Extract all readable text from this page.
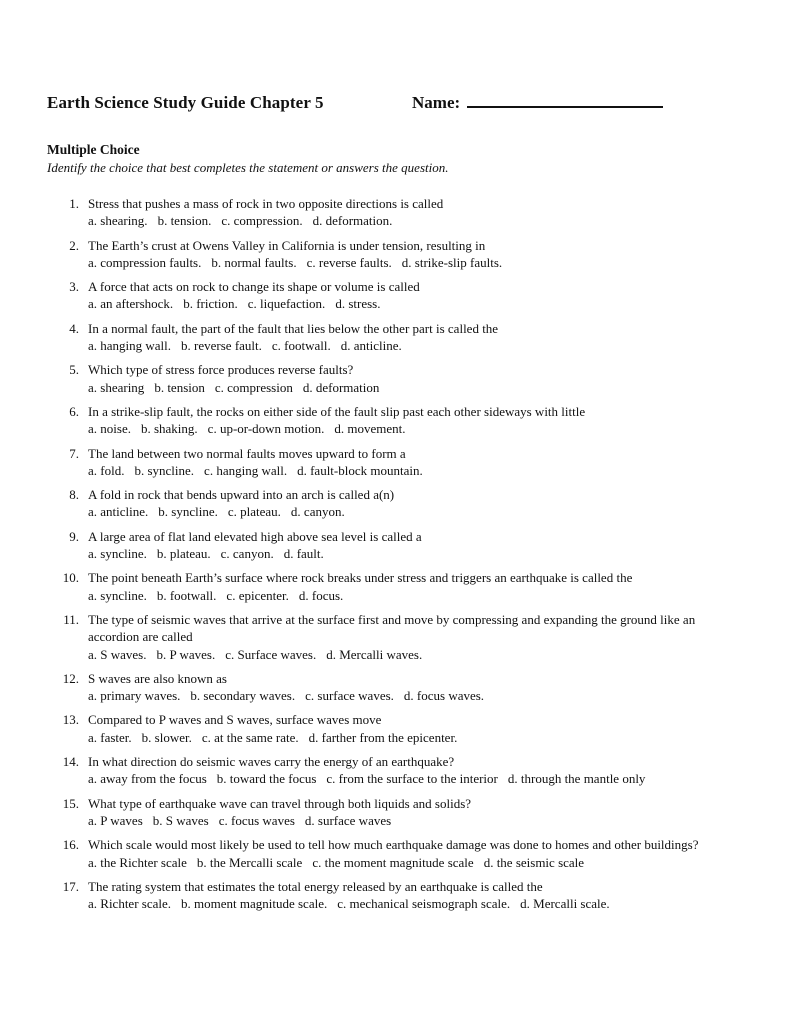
Earth Science Study Guide Chapter 5	Name:
Multiple Choice
Identify the choice that best completes the statement or answers the question.
1. Stress that pushes a mass of rock in two opposite directions is called
a. shearing. b. tension. c. compression. d. deformation.
2. The Earth’s crust at Owens Valley in California is under tension, resulting in
a. compression faults. b. normal faults. c. reverse faults. d. strike-slip faults.
3. A force that acts on rock to change its shape or volume is called
a. an aftershock. b. friction. c. liquefaction. d. stress.
4. In a normal fault, the part of the fault that lies below the other part is called the
a. hanging wall. b. reverse fault. c. footwall. d. anticline.
5. Which type of stress force produces reverse faults?
a. shearing b. tension c. compression d. deformation
6. In a strike-slip fault, the rocks on either side of the fault slip past each other sideways with little
a. noise. b. shaking. c. up-or-down motion. d. movement.
7. The land between two normal faults moves upward to form a
a. fold. b. syncline. c. hanging wall. d. fault-block mountain.
8. A fold in rock that bends upward into an arch is called a(n)
a. anticline. b. syncline. c. plateau. d. canyon.
9. A large area of flat land elevated high above sea level is called a
a. syncline. b. plateau. c. canyon. d. fault.
10. The point beneath Earth’s surface where rock breaks under stress and triggers an earthquake is called the
a. syncline. b. footwall. c. epicenter. d. focus.
11. The type of seismic waves that arrive at the surface first and move by compressing and expanding the ground like an accordion are called
a. S waves. b. P waves. c. Surface waves. d. Mercalli waves.
12. S waves are also known as
a. primary waves. b. secondary waves. c. surface waves. d. focus waves.
13. Compared to P waves and S waves, surface waves move
a. faster. b. slower. c. at the same rate. d. farther from the epicenter.
14. In what direction do seismic waves carry the energy of an earthquake?
a. away from the focus b. toward the focus c. from the surface to the interior d. through the mantle only
15. What type of earthquake wave can travel through both liquids and solids?
a. P waves b. S waves c. focus waves d. surface waves
16. Which scale would most likely be used to tell how much earthquake damage was done to homes and other buildings?
a. the Richter scale b. the Mercalli scale c. the moment magnitude scale d. the seismic scale
17. The rating system that estimates the total energy released by an earthquake is called the
a. Richter scale. b. moment magnitude scale. c. mechanical seismograph scale. d. Mercalli scale.
